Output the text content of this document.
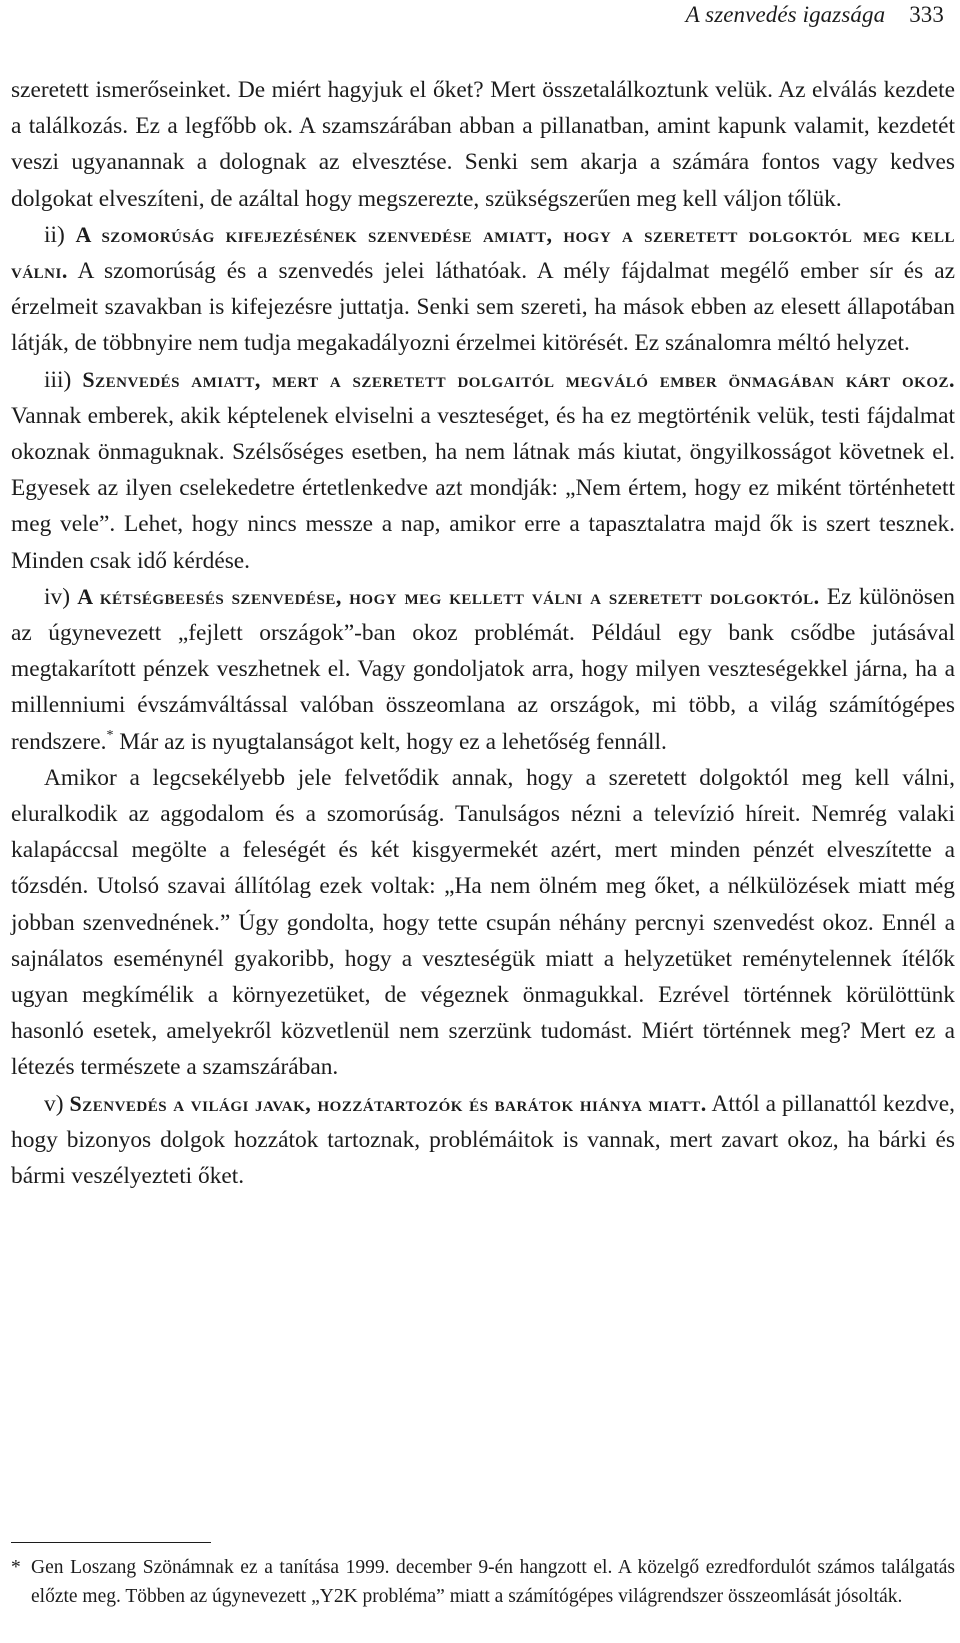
A szenvedés igazsága 333

szeretett ismerőseinket. De miért hagyjuk el őket? Mert összetalálkoztunk velük. Az elválás kezdete a találkozás. Ez a legfőbb ok. A szamszárában abban a pillanatban, amint kapunk valamit, kezdetét veszi ugyanannak a dolognak az elvesztése. Senki sem akarja a számára fontos vagy kedves dolgokat elveszíteni, de azáltal hogy megszerezte, szükségszerűen meg kell váljon tőlük.

ii) A szomorúság kifejezésének szenvedése amiatt, hogy a szeretett dolgoktól meg kell válni. A szomorúság és a szenvedés jelei láthatóak. A mély fájdalmat megélő ember sír és az érzelmeit szavakban is kifejezésre juttatja. Senki sem szereti, ha mások ebben az elesett állapotában látják, de többnyire nem tudja megakadályozni érzelmei kitörését. Ez szánalomra méltó helyzet.

iii) Szenvedés amiatt, mert a szeretett dolgaitól megváló ember önmagában kárt okoz. Vannak emberek, akik képtelenek elviselni a veszteséget, és ha ez megtörténik velük, testi fájdalmat okoznak önmaguknak. Szélsőséges esetben, ha nem látnak más kiutat, öngyilkosságot követnek el. Egyesek az ilyen cselekedetre értetlenkedve azt mondják: „Nem értem, hogy ez miként történhetett meg vele”. Lehet, hogy nincs messze a nap, amikor erre a tapasztalatra majd ők is szert tesznek. Minden csak idő kérdése.

iv) A kétségbeesés szenvedése, hogy meg kellett válni a szeretett dolgoktól. Ez különösen az úgynevezett „fejlett országok”-ban okoz problémát. Például egy bank csődbe jutásával megtakarított pénzek veszhetnek el. Vagy gondoljatok arra, hogy milyen veszteségekkel járna, ha a millenniumi évszámváltással valóban összeomlana az országok, mi több, a világ számítógépes rendszere.* Már az is nyugtalanságot kelt, hogy ez a lehetőség fennáll.

Amikor a legcsekélyebb jele felvetődik annak, hogy a szeretett dolgoktól meg kell válni, eluralkodik az aggodalom és a szomorúság. Tanulságos nézni a televízió híreit. Nemrég valaki kalapáccsal megölte a feleségét és két kisgyermekét azért, mert minden pénzét elveszítette a tőzsdén. Utolsó szavai állítólag ezek voltak: „Ha nem ölném meg őket, a nélkülözések miatt még jobban szenvednének.” Úgy gondolta, hogy tette csupán néhány percnyi szenvedést okoz. Ennél a sajnálatos eseménynél gyakoribb, hogy a veszteségük miatt a helyzetüket reménytelennek ítélők ugyan megkímélik a környezetüket, de végeznek önmagukkal. Ezrével történnek körülöttünk hasonló esetek, amelyekről közvetlenül nem szerzünk tudomást. Miért történnek meg? Mert ez a létezés természete a szamszárában.

v) Szenvedés a világi javak, hozzátartozók és barátok hiánya miatt. Attól a pillanattól kezdve, hogy bizonyos dolgok hozzátok tartoznak, problémáitok is vannak, mert zavart okoz, ha bárki és bármi veszélyezteti őket.

* Gen Loszang Szönámnak ez a tanítása 1999. december 9-én hangzott el. A közelgő ezredfordulót számos találgatás előzte meg. Többen az úgynevezett „Y2K probléma” miatt a számítógépes világrendszer összeomlását jósolták.
